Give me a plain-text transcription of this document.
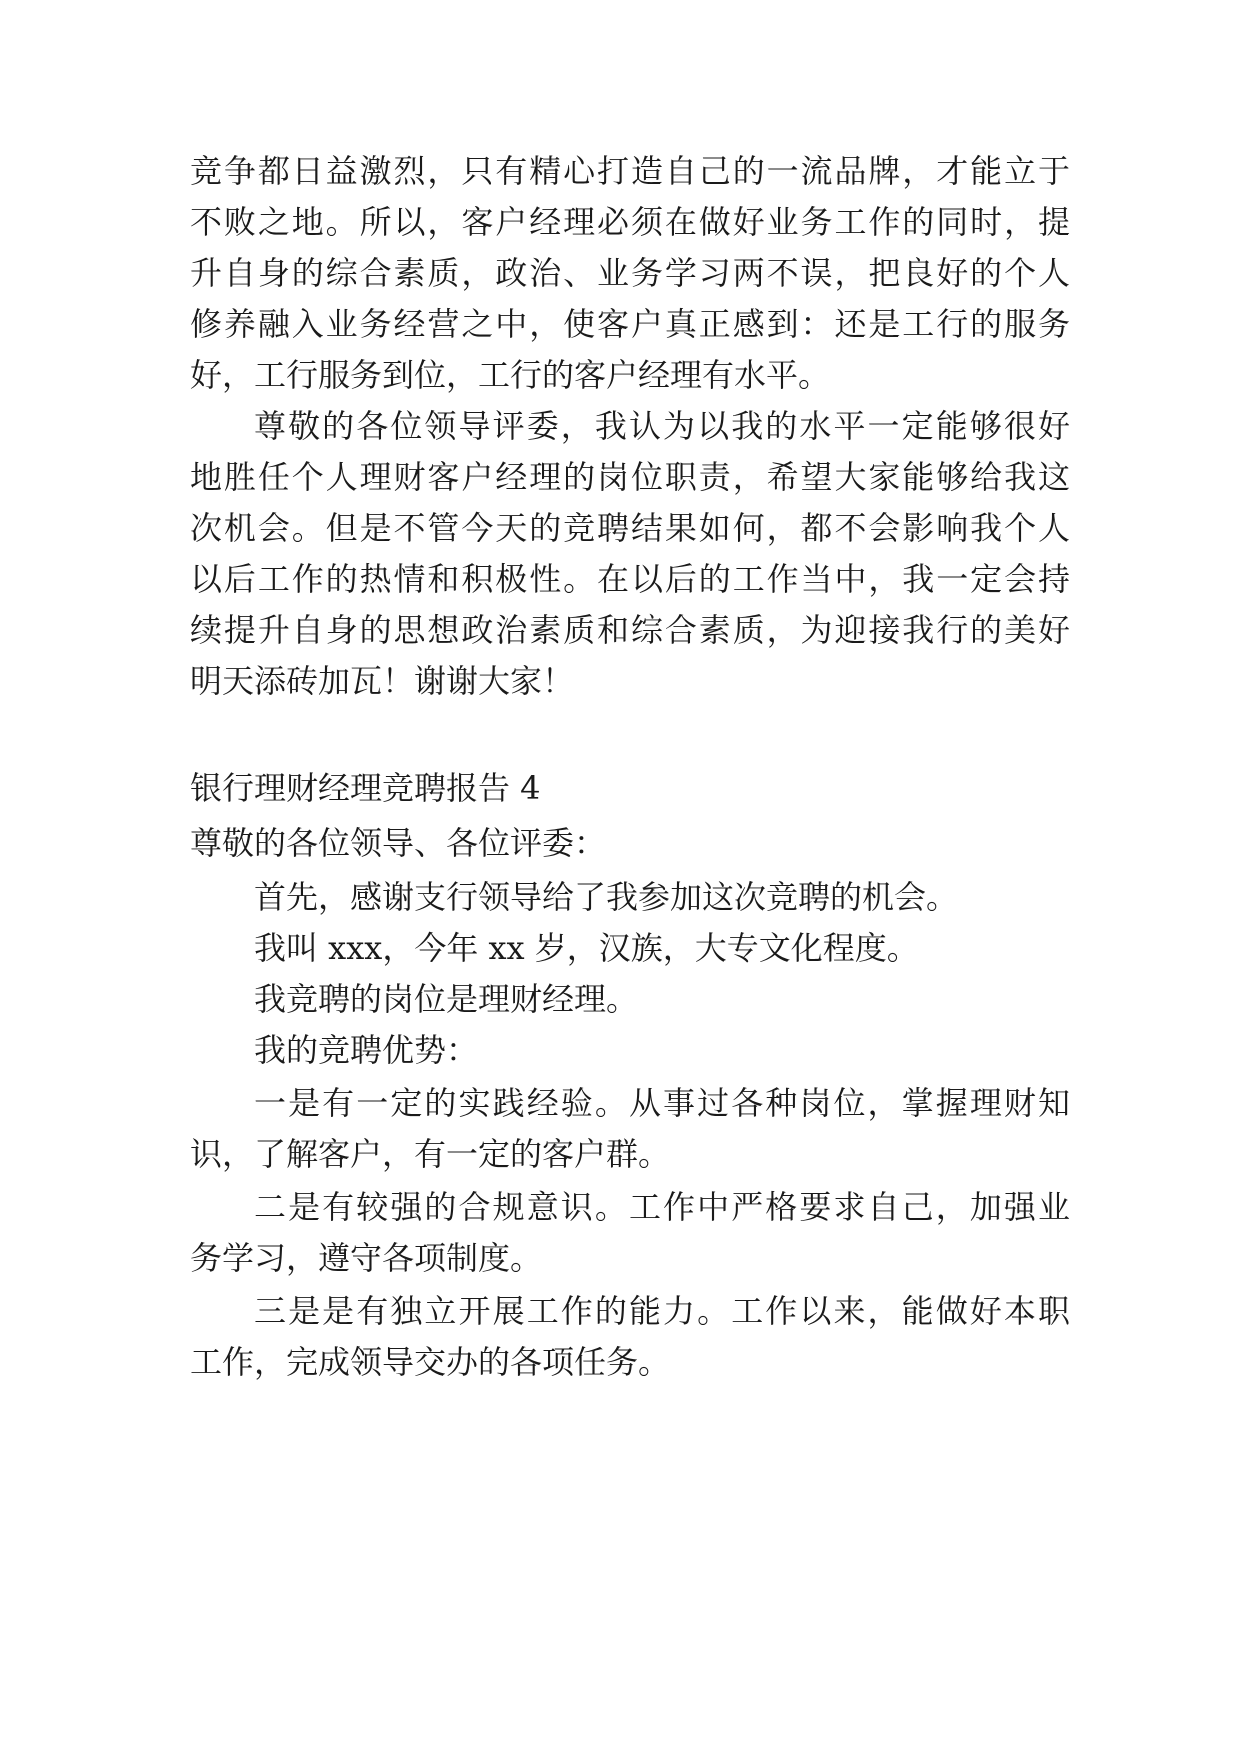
竞争都日益激烈，只有精心打造自己的一流品牌，才能立于
不败之地。所以，客户经理必须在做好业务工作的同时，提
升自身的综合素质，政治、业务学习两不误，把良好的个人
修养融入业务经营之中，使客户真正感到：还是工行的服务
好，工行服务到位，工行的客户经理有水平。
尊敬的各位领导评委，我认为以我的水平一定能够很好
地胜任个人理财客户经理的岗位职责，希望大家能够给我这
次机会。但是不管今天的竞聘结果如何，都不会影响我个人
以后工作的热情和积极性。在以后的工作当中，我一定会持
续提升自身的思想政治素质和综合素质，为迎接我行的美好
明天添砖加瓦！谢谢大家！
银行理财经理竞聘报告 4
尊敬的各位领导、各位评委：
首先，感谢支行领导给了我参加这次竞聘的机会。
我叫 xxx，今年 xx 岁，汉族，大专文化程度。
我竞聘的岗位是理财经理。
我的竞聘优势：
一是有一定的实践经验。从事过各种岗位，掌握理财知
识，了解客户，有一定的客户群。
二是有较强的合规意识。工作中严格要求自己，加强业
务学习，遵守各项制度。
三是是有独立开展工作的能力。工作以来，能做好本职
工作，完成领导交办的各项任务。
